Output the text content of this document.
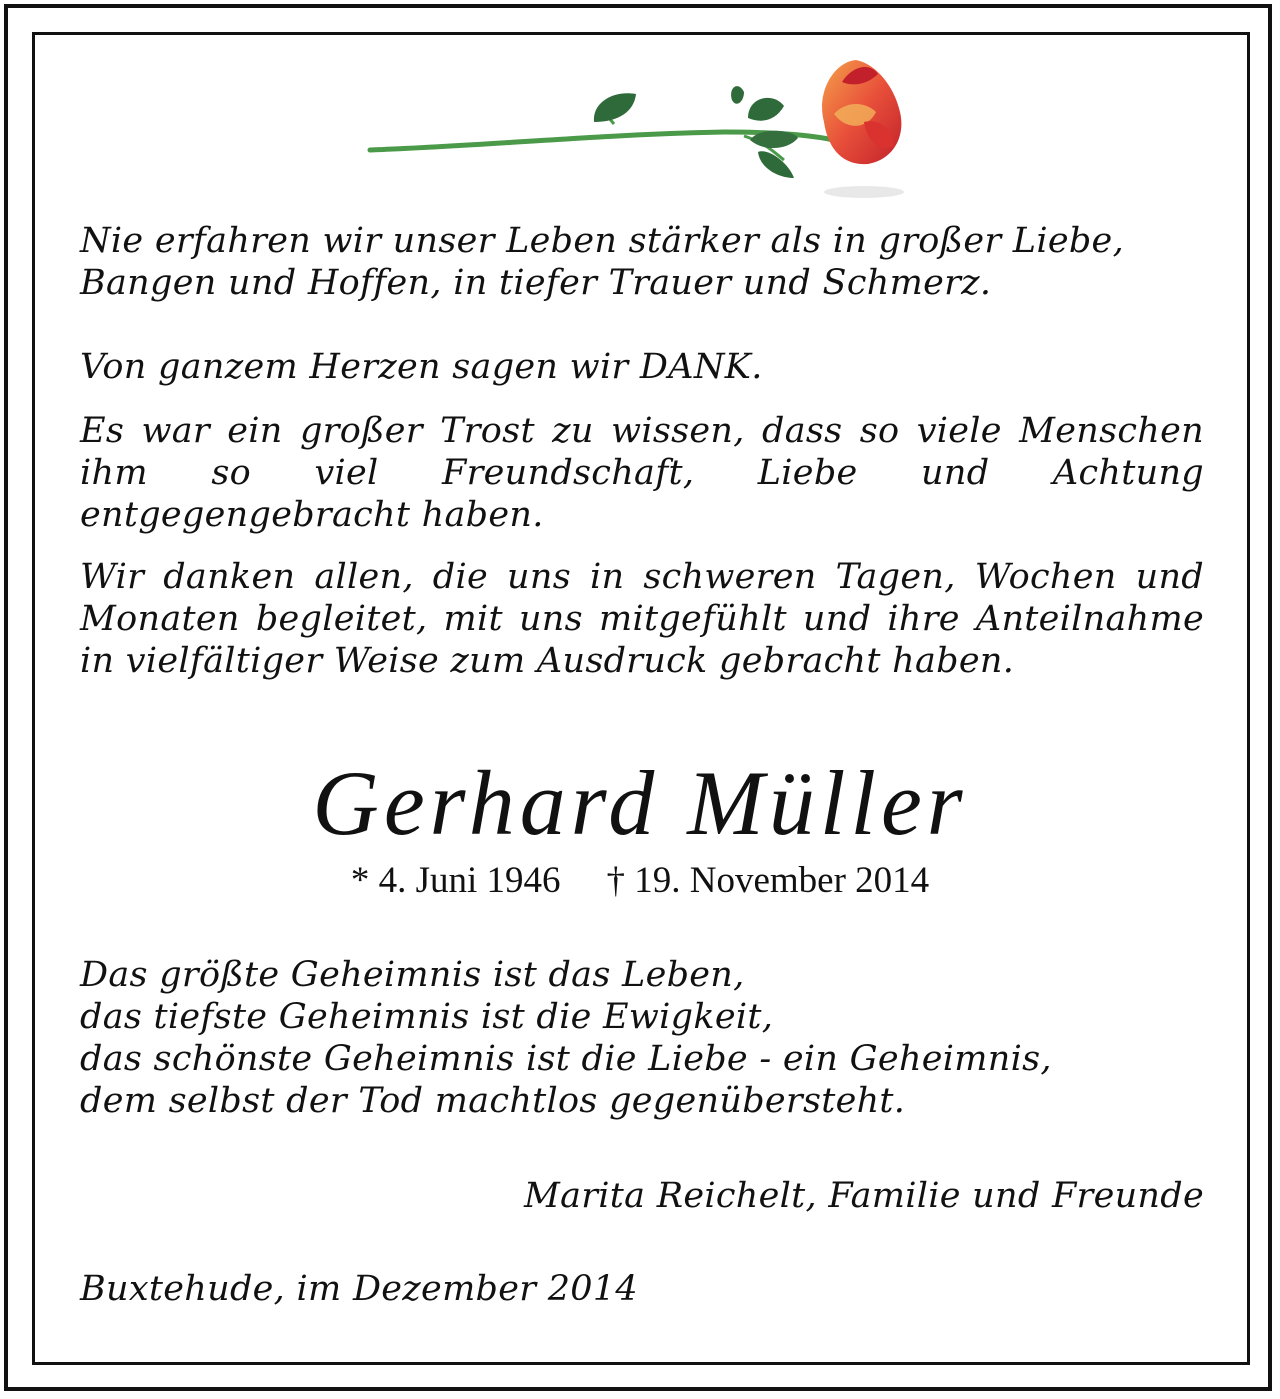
Nie erfahren wir unser Leben stärker als in großer Liebe,
Bangen und Hoffen, in tiefer Trauer und Schmerz.

Von ganzem Herzen sagen wir DANK.

Es war ein großer Trost zu wissen, dass so viele Menschen ihm so viel Freundschaft, Liebe und Achtung entgegengebracht haben.

Wir danken allen, die uns in schweren Tagen, Wochen und Monaten begleitet, mit uns mitgefühlt und ihre Anteilnahme in vielfältiger Weise zum Ausdruck gebracht haben.

Gerhard Müller
* 4. Juni 1946 † 19. November 2014

Das größte Geheimnis ist das Leben,
das tiefste Geheimnis ist die Ewigkeit,
das schönste Geheimnis ist die Liebe - ein Geheimnis,
dem selbst der Tod machtlos gegenübersteht.

Marita Reichelt, Familie und Freunde

Buxtehude, im Dezember 2014
